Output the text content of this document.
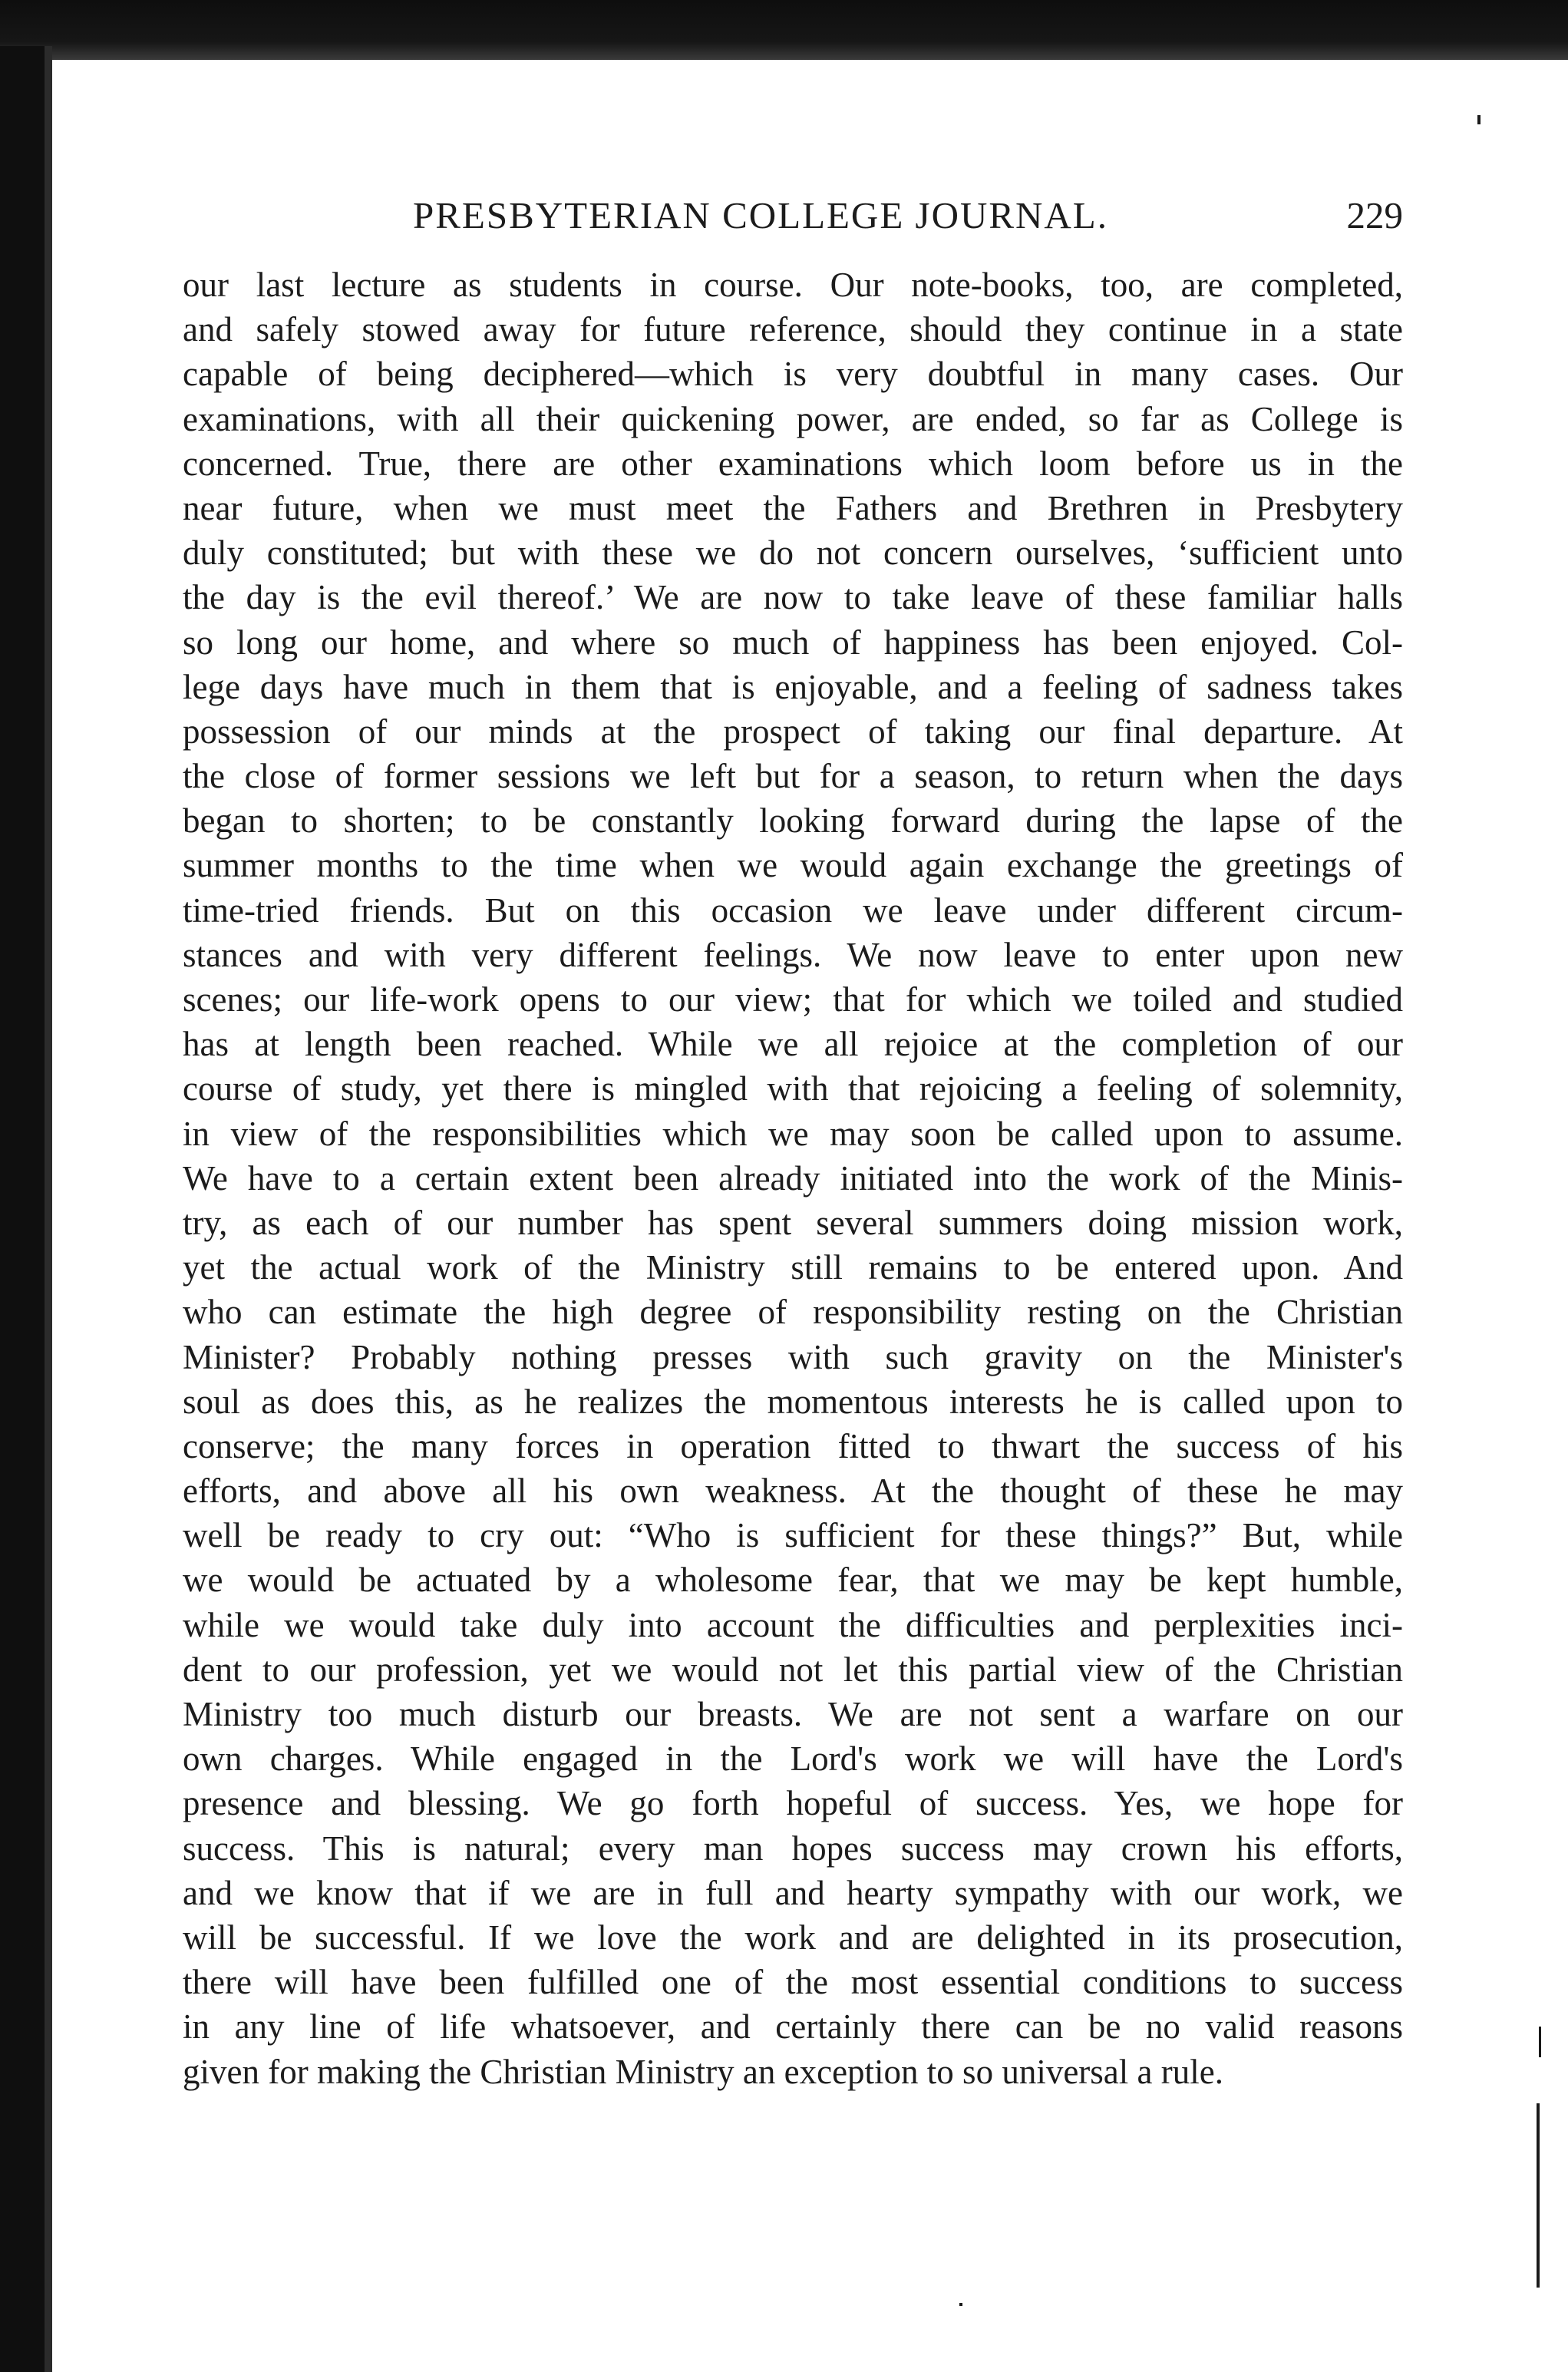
PRESBYTERIAN COLLEGE JOURNAL.	229
our last lecture as students in course. Our note-books, too, are completed,
and safely stowed away for future reference, should they continue in a state
capable of being deciphered—which is very doubtful in many cases. Our
examinations, with all their quickening power, are ended, so far as College is
concerned. True, there are other examinations which loom before us in the
near future, when we must meet the Fathers and Brethren in Presbytery
duly constituted; but with these we do not concern ourselves, ‘sufficient unto
the day is the evil thereof.’ We are now to take leave of these familiar halls
so long our home, and where so much of happiness has been enjoyed. Col-
lege days have much in them that is enjoyable, and a feeling of sadness takes
possession of our minds at the prospect of taking our final departure. At
the close of former sessions we left but for a season, to return when the days
began to shorten; to be constantly looking forward during the lapse of the
summer months to the time when we would again exchange the greetings of
time-tried friends. But on this occasion we leave under different circum-
stances and with very different feelings. We now leave to enter upon new
scenes; our life-work opens to our view; that for which we toiled and studied
has at length been reached. While we all rejoice at the completion of our
course of study, yet there is mingled with that rejoicing a feeling of solemnity,
in view of the responsibilities which we may soon be called upon to assume.
We have to a certain extent been already initiated into the work of the Minis-
try, as each of our number has spent several summers doing mission work,
yet the actual work of the Ministry still remains to be entered upon. And
who can estimate the high degree of responsibility resting on the Christian
Minister? Probably nothing presses with such gravity on the Minister's
soul as does this, as he realizes the momentous interests he is called upon to
conserve; the many forces in operation fitted to thwart the success of his
efforts, and above all his own weakness. At the thought of these he may
well be ready to cry out: “Who is sufficient for these things?” But, while
we would be actuated by a wholesome fear, that we may be kept humble,
while we would take duly into account the difficulties and perplexities inci-
dent to our profession, yet we would not let this partial view of the Christian
Ministry too much disturb our breasts. We are not sent a warfare on our
own charges. While engaged in the Lord's work we will have the Lord's
presence and blessing. We go forth hopeful of success. Yes, we hope for
success. This is natural; every man hopes success may crown his efforts,
and we know that if we are in full and hearty sympathy with our work, we
will be successful. If we love the work and are delighted in its prosecution,
there will have been fulfilled one of the most essential conditions to success
in any line of life whatsoever, and certainly there can be no valid reasons
given for making the Christian Ministry an exception to so universal a rule.
